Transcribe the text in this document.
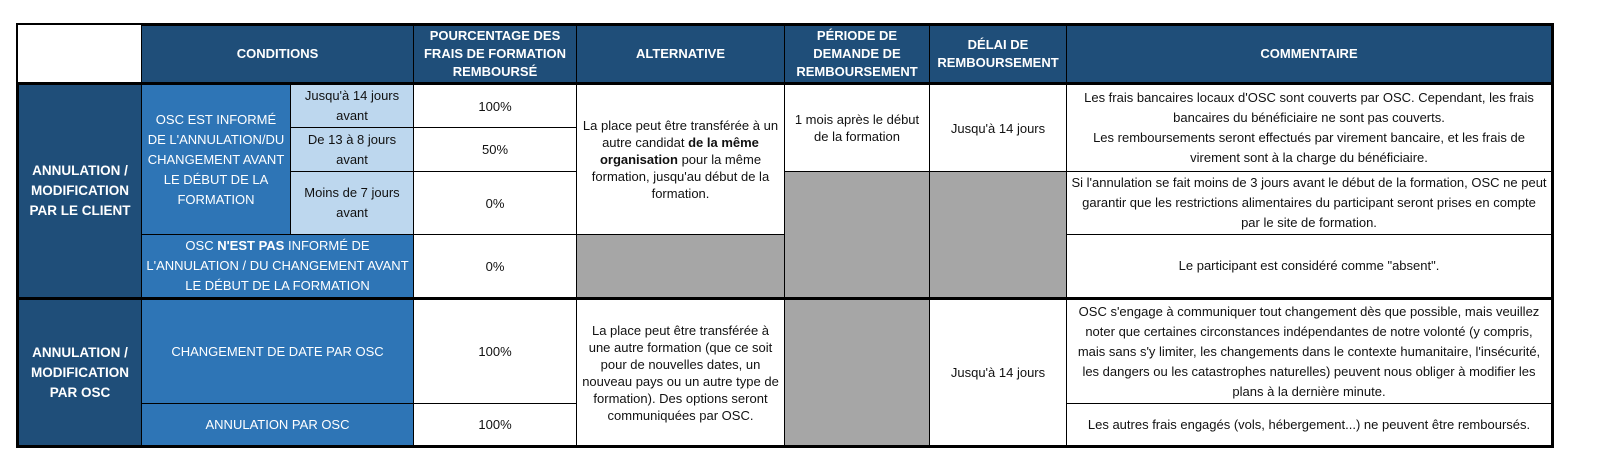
	CONDITIONS		POURCENTAGE DES FRAIS DE FORMATION REMBOURSÉ	ALTERNATIVE	PÉRIODE DE DEMANDE DE REMBOURSEMENT	DÉLAI DE REMBOURSEMENT	COMMENTAIRE
ANNULATION / MODIFICATION PAR LE CLIENT	OSC EST INFORMÉ DE L'ANNULATION/DU CHANGEMENT AVANT LE DÉBUT DE LA FORMATION	Jusqu'à 14 jours avant	100%	La place peut être transférée à un autre candidat de la même organisation pour la même formation, jusqu'au début de la formation.	1 mois après le début de la formation	Jusqu'à 14 jours	Les frais bancaires locaux d'OSC sont couverts par OSC. Cependant, les frais bancaires du bénéficiaire ne sont pas couverts.
Les remboursements seront effectués par virement bancaire, et les frais de virement sont à la charge du bénéficiaire.

		De 13 à 8 jours avant	50%				
		Moins de 7 jours avant	0%				Si l'annulation se fait moins de 3 jours avant le début de la formation, OSC ne peut garantir que les restrictions alimentaires du participant seront prises en compte par le site de formation.
	OSC N'EST PAS INFORMÉ DE L'ANNULATION / DU CHANGEMENT AVANT LE DÉBUT DE LA FORMATION		0%				Le participant est considéré comme "absent".
ANNULATION / MODIFICATION PAR OSC	CHANGEMENT DE DATE PAR OSC		100%	La place peut être transférée à une autre formation (que ce soit pour de nouvelles dates, un nouveau pays ou un autre type de formation). Des options seront communiquées par OSC.		Jusqu'à 14 jours	OSC s'engage à communiquer tout changement dès que possible, mais veuillez noter que certaines circonstances indépendantes de notre volonté (y compris, mais sans s'y limiter, les changements dans le contexte humanitaire, l'insécurité, les dangers ou les catastrophes naturelles) peuvent nous obliger à modifier les plans à la dernière minute.
	ANNULATION PAR OSC		100%				Les autres frais engagés (vols, hébergement...) ne peuvent être remboursés.
